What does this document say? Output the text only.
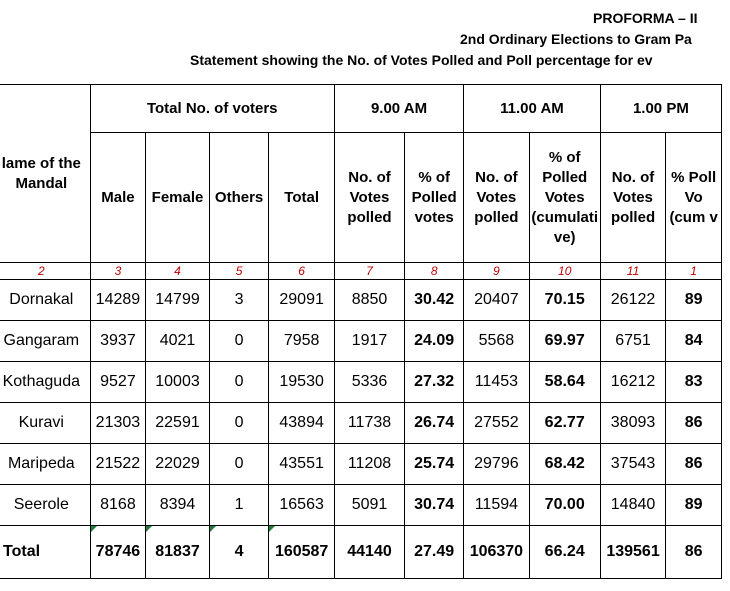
PROFORMA – II
2nd Ordinary Elections to Gram Pa
Statement showing the No. of Votes Polled and Poll percentage for ev
lame of the Mandal	Total No. of voters				9.00 AM		11.00 AM		1.00 PM	
	Male	Female	Others	Total	No. of Votes polled	% of Polled votes	No. of Votes polled	% of Polled Votes (cumulati ve)	No. of Votes polled	% Poll Vo (cum v
2	3	4	5	6	7	8	9	10	11	1
Dornakal	14289	14799	3	29091	8850	30.42	20407	70.15	26122	89
Gangaram	3937	4021	0	7958	1917	24.09	5568	69.97	6751	84
Kothaguda	9527	10003	0	19530	5336	27.32	11453	58.64	16212	83
Kuravi	21303	22591	0	43894	11738	26.74	27552	62.77	38093	86
Maripeda	21522	22029	0	43551	11208	25.74	29796	68.42	37543	86
Seerole	8168	8394	1	16563	5091	30.74	11594	70.00	14840	89
Total	78746	81837	4	160587	44140	27.49	106370	66.24	139561	86
